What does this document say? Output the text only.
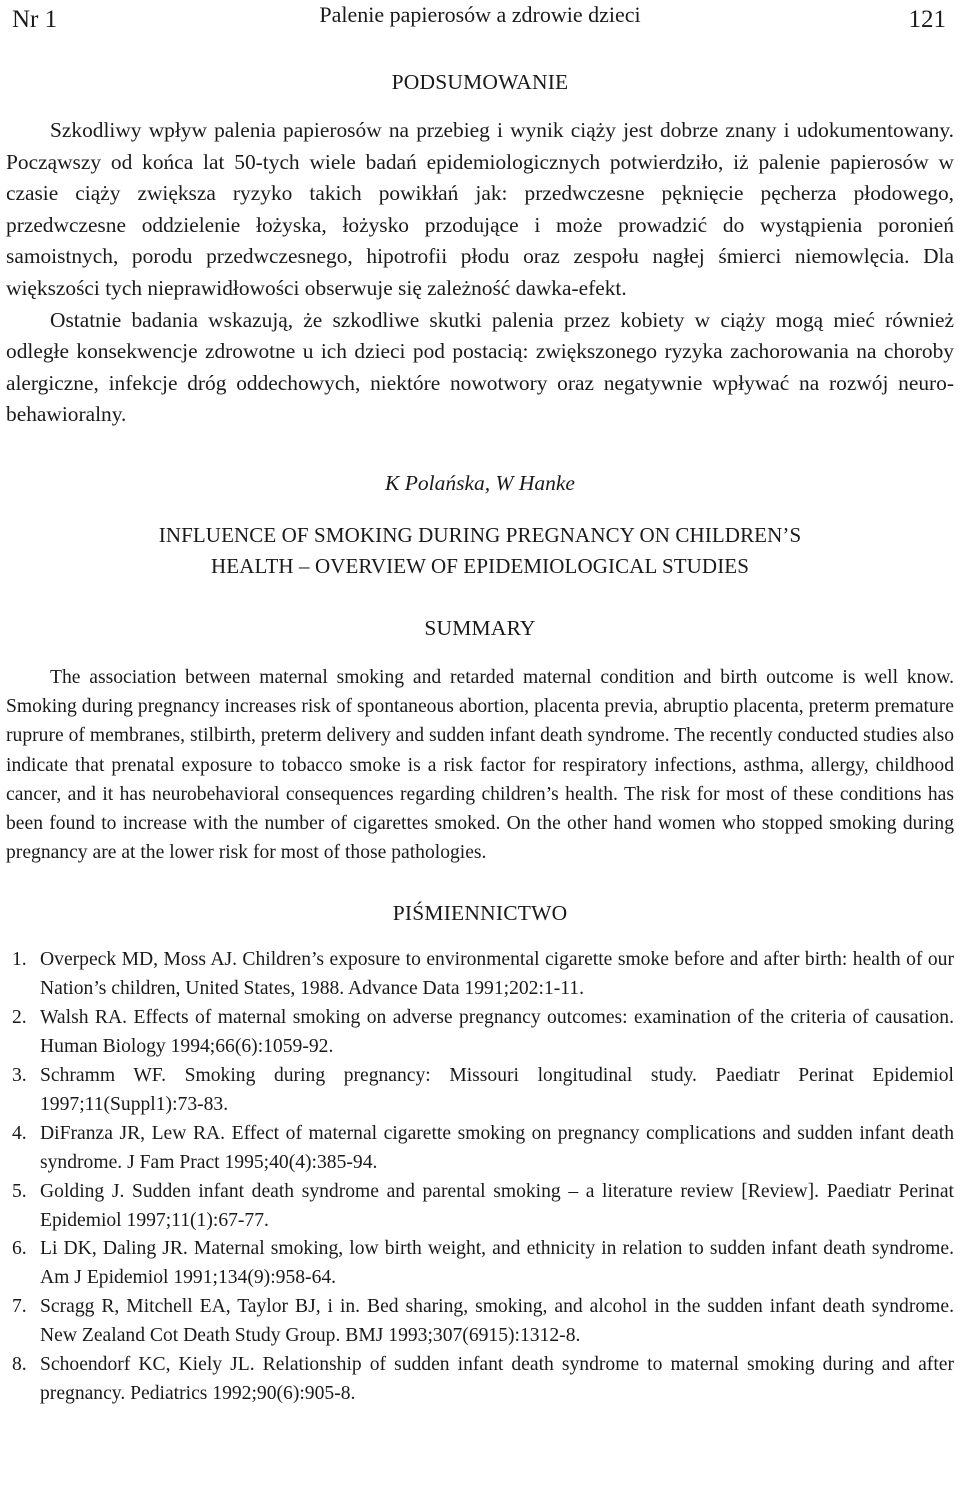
Nr 1	Palenie papierosów a zdrowie dzieci	121
PODSUMOWANIE

Szkodliwy wpływ palenia papierosów na przebieg i wynik ciąży jest dobrze znany i udokumentowany. Począwszy od końca lat 50-tych wiele badań epidemiologicznych potwierdziło, iż palenie papierosów w czasie ciąży zwiększa ryzyko takich powikłań jak: przedwczesne pęknięcie pęcherza płodowego, przedwczesne oddzielenie łożyska, łożysko przodujące i może prowadzić do wystąpienia poronień samoistnych, porodu przedwczesnego, hipotrofii płodu oraz zespołu nagłej śmierci niemowlęcia. Dla większości tych nieprawidłowości obserwuje się zależność dawka-efekt.

Ostatnie badania wskazują, że szkodliwe skutki palenia przez kobiety w ciąży mogą mieć również odległe konsekwencje zdrowotne u ich dzieci pod postacią: zwiększonego ryzyka zachorowania na choroby alergiczne, infekcje dróg oddechowych, niektóre nowotwory oraz negatywnie wpływać na rozwój neuro-behawioralny.

K Polańska, W Hanke
INFLUENCE OF SMOKING DURING PREGNANCY ON CHILDREN’S
HEALTH – OVERVIEW OF EPIDEMIOLOGICAL STUDIES
SUMMARY

The association between maternal smoking and retarded maternal condition and birth outcome is well know. Smoking during pregnancy increases risk of spontaneous abortion, placenta previa, abruptio placenta, preterm premature ruprure of membranes, stilbirth, preterm delivery and sudden infant death syndrome. The recently conducted studies also indicate that prenatal exposure to tobacco smoke is a risk factor for respiratory infections, asthma, allergy, childhood cancer, and it has neurobehavioral consequences regarding children’s health. The risk for most of these conditions has been found to increase with the number of cigarettes smoked. On the other hand women who stopped smoking during pregnancy are at the lower risk for most of those pathologies.

PIŚMIENNICTWO
1. Overpeck MD, Moss AJ. Children’s exposure to environmental cigarette smoke before and after birth: health of our Nation’s children, United States, 1988. Advance Data 1991;202:1-11.
2. Walsh RA. Effects of maternal smoking on adverse pregnancy outcomes: examination of the criteria of causation. Human Biology 1994;66(6):1059-92.
3. Schramm WF. Smoking during pregnancy: Missouri longitudinal study. Paediatr Perinat Epidemiol 1997;11(Suppl1):73-83.
4. DiFranza JR, Lew RA. Effect of maternal cigarette smoking on pregnancy complications and sudden infant death syndrome. J Fam Pract 1995;40(4):385-94.
5. Golding J. Sudden infant death syndrome and parental smoking – a literature review [Review]. Paediatr Perinat Epidemiol 1997;11(1):67-77.
6. Li DK, Daling JR. Maternal smoking, low birth weight, and ethnicity in relation to sudden infant death syndrome. Am J Epidemiol 1991;134(9):958-64.
7. Scragg R, Mitchell EA, Taylor BJ, i in. Bed sharing, smoking, and alcohol in the sudden infant death syndrome. New Zealand Cot Death Study Group. BMJ 1993;307(6915):1312-8.
8. Schoendorf KC, Kiely JL. Relationship of sudden infant death syndrome to maternal smoking during and after pregnancy. Pediatrics 1992;90(6):905-8.
